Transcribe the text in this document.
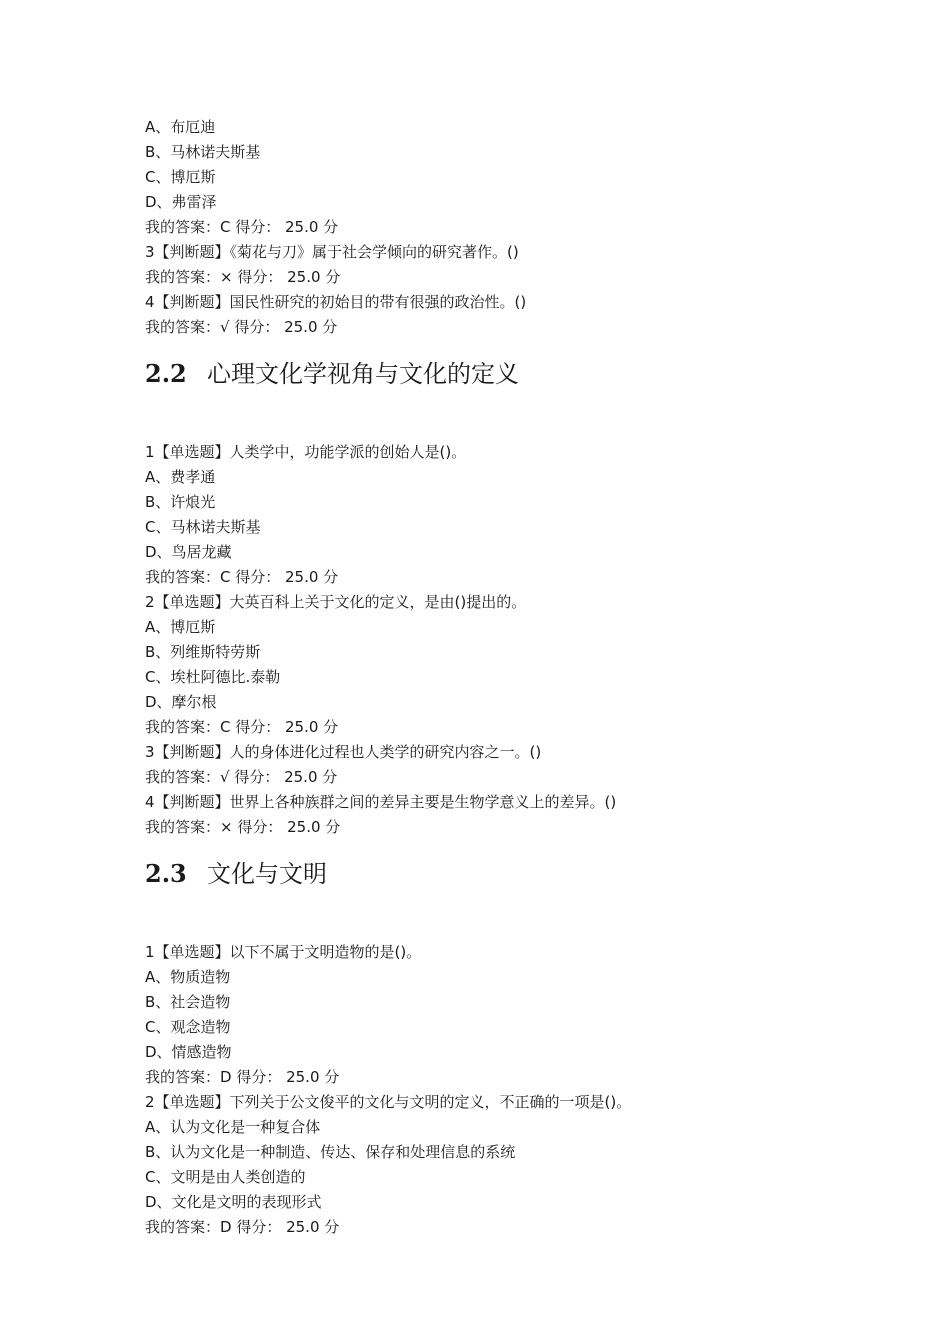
A、布厄迪
B、马林诺夫斯基
C、博厄斯
D、弗雷泽
我的答案：C 得分： 25.0 分
3【判断题】《菊花与刀》属于社会学倾向的研究著作。()
我的答案：× 得分： 25.0 分
4【判断题】国民性研究的初始目的带有很强的政治性。()
我的答案：√ 得分： 25.0 分
2.2 心理文化学视角与文化的定义
1【单选题】人类学中，功能学派的创始人是()。
A、费孝通
B、许烺光
C、马林诺夫斯基
D、鸟居龙藏
我的答案：C 得分： 25.0 分
2【单选题】大英百科上关于文化的定义，是由()提出的。
A、博厄斯
B、列维斯特劳斯
C、埃杜阿德比.泰勒
D、摩尔根
我的答案：C 得分： 25.0 分
3【判断题】人的身体进化过程也人类学的研究内容之一。()
我的答案：√ 得分： 25.0 分
4【判断题】世界上各种族群之间的差异主要是生物学意义上的差异。()
我的答案：× 得分： 25.0 分
2.3 文化与文明
1【单选题】以下不属于文明造物的是()。
A、物质造物
B、社会造物
C、观念造物
D、情感造物
我的答案：D 得分： 25.0 分
2【单选题】下列关于公文俊平的文化与文明的定义，不正确的一项是()。
A、认为文化是一种复合体
B、认为文化是一种制造、传达、保存和处理信息的系统
C、文明是由人类创造的
D、文化是文明的表现形式
我的答案：D 得分： 25.0 分
